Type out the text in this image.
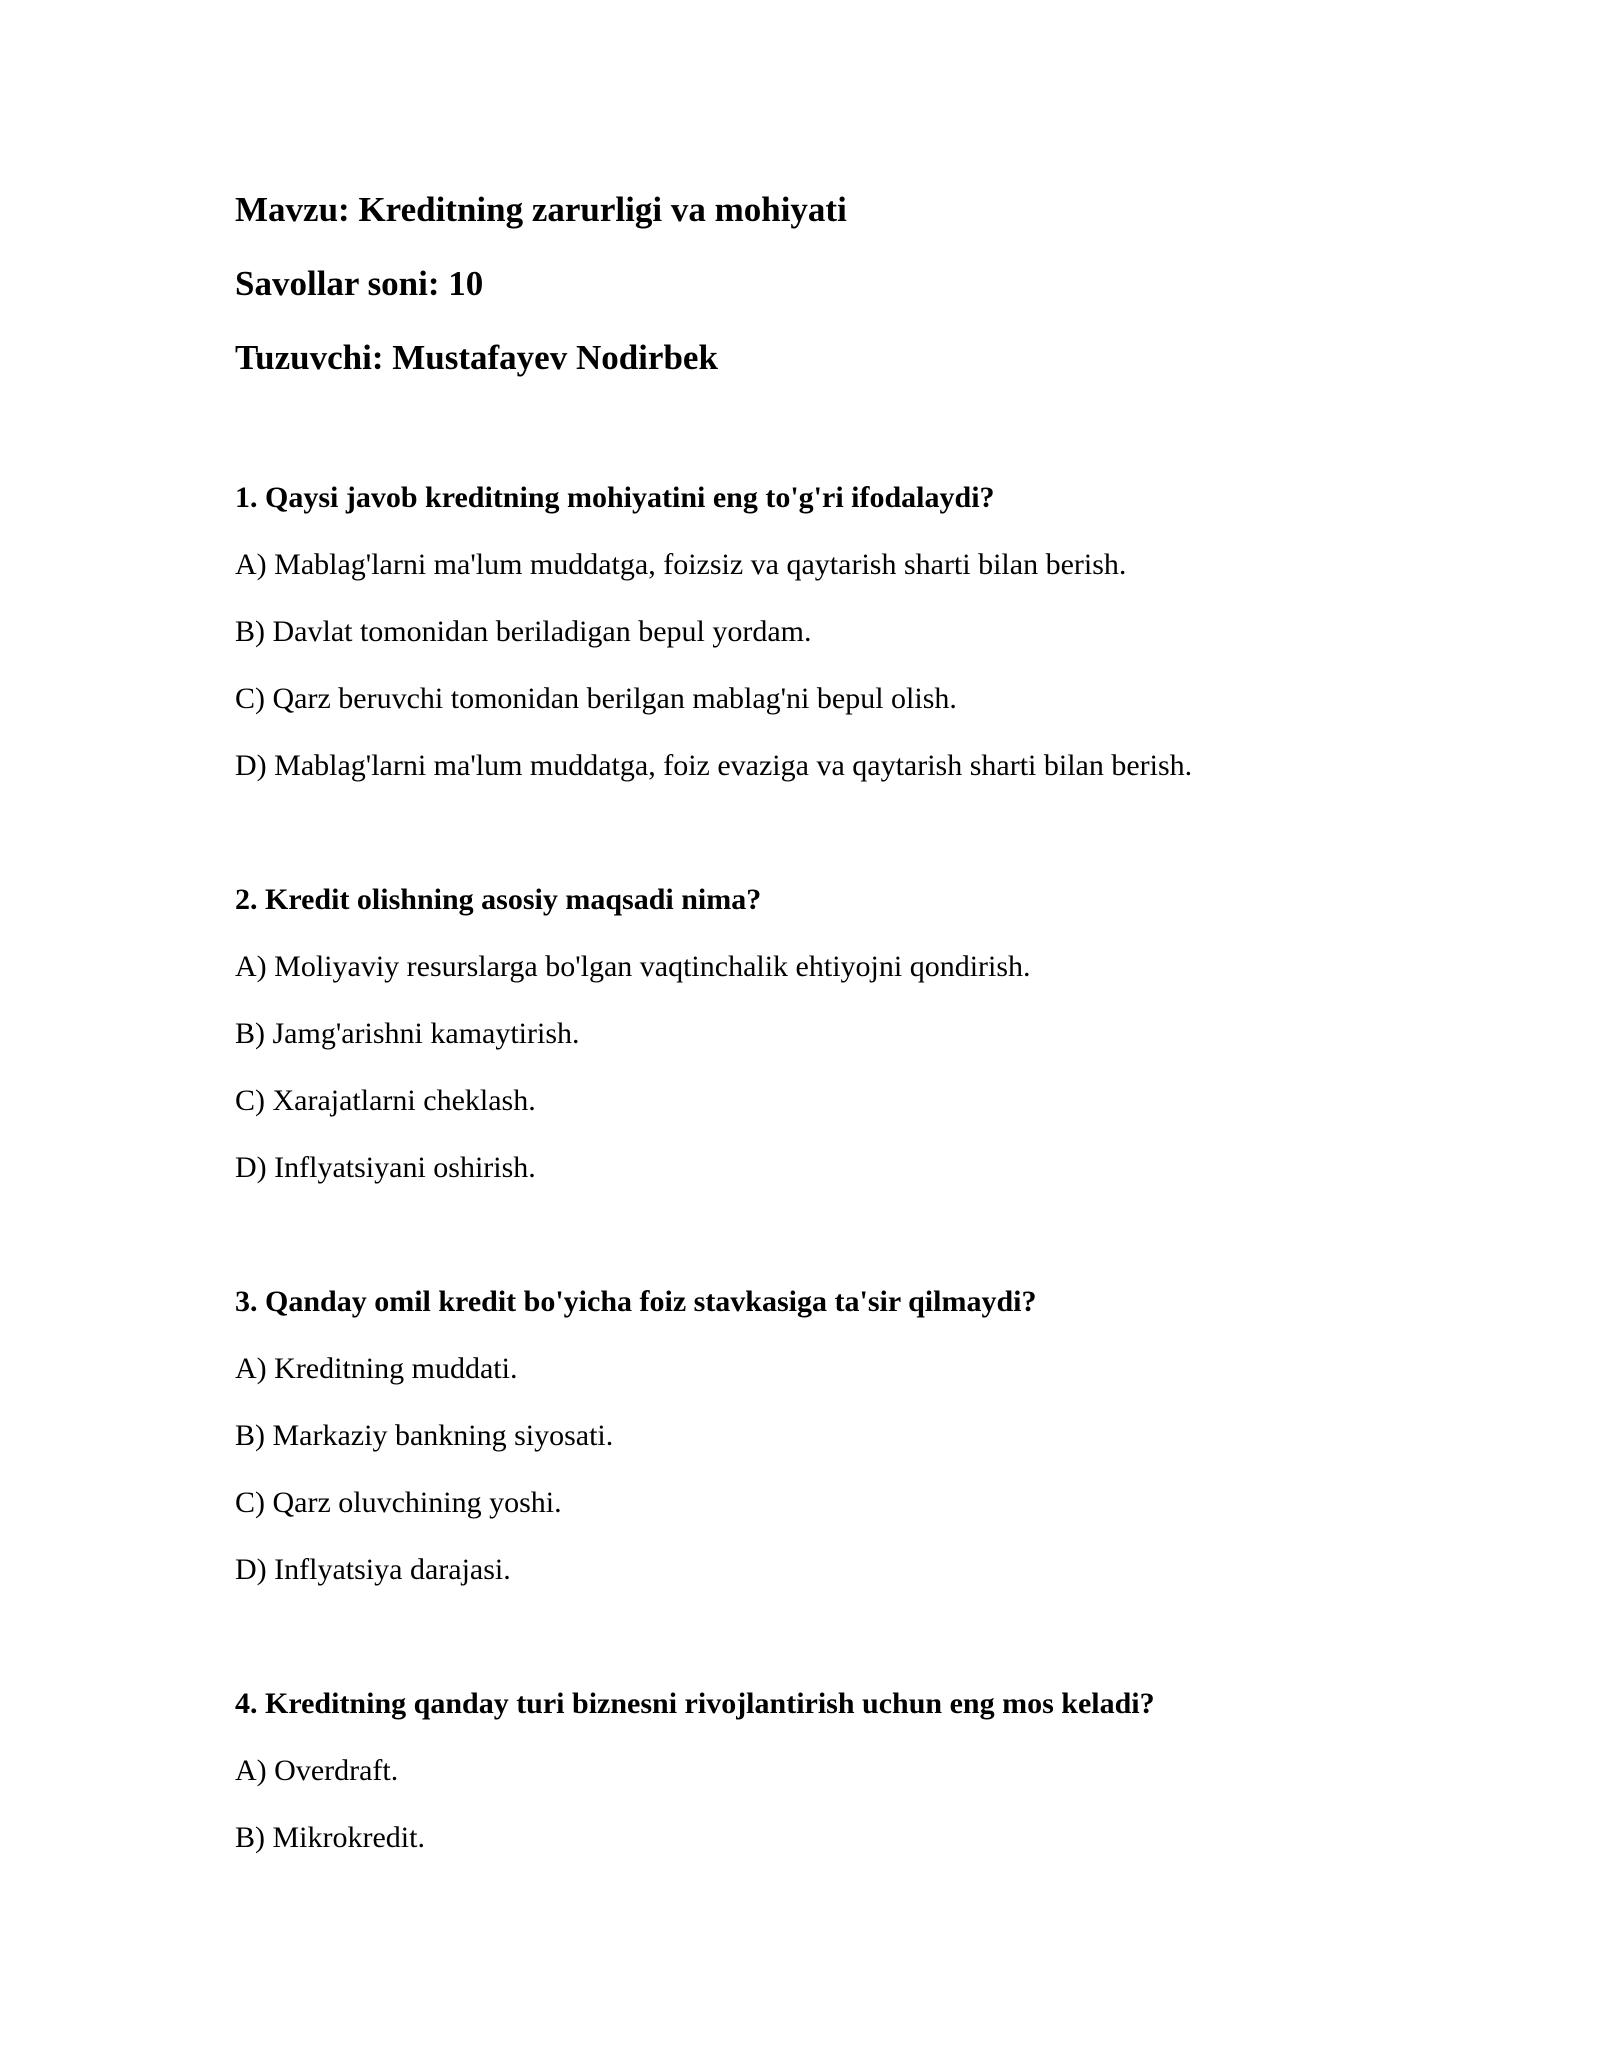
Mavzu: Kreditning zarurligi va mohiyati
Savollar soni: 10
Tuzuvchi: Mustafayev Nodirbek
1. Qaysi javob kreditning mohiyatini eng to'g'ri ifodalaydi?
A) Mablag'larni ma'lum muddatga, foizsiz va qaytarish sharti bilan berish.
B) Davlat tomonidan beriladigan bepul yordam.
C) Qarz beruvchi tomonidan berilgan mablag'ni bepul olish.
D) Mablag'larni ma'lum muddatga, foiz evaziga va qaytarish sharti bilan berish.
2. Kredit olishning asosiy maqsadi nima?
A) Moliyaviy resurslarga bo'lgan vaqtinchalik ehtiyojni qondirish.
B) Jamg'arishni kamaytirish.
C) Xarajatlarni cheklash.
D) Inflyatsiyani oshirish.
3. Qanday omil kredit bo'yicha foiz stavkasiga ta'sir qilmaydi?
A) Kreditning muddati.
B) Markaziy bankning siyosati.
C) Qarz oluvchining yoshi.
D) Inflyatsiya darajasi.
4. Kreditning qanday turi biznesni rivojlantirish uchun eng mos keladi?
A) Overdraft.
B) Mikrokredit.
